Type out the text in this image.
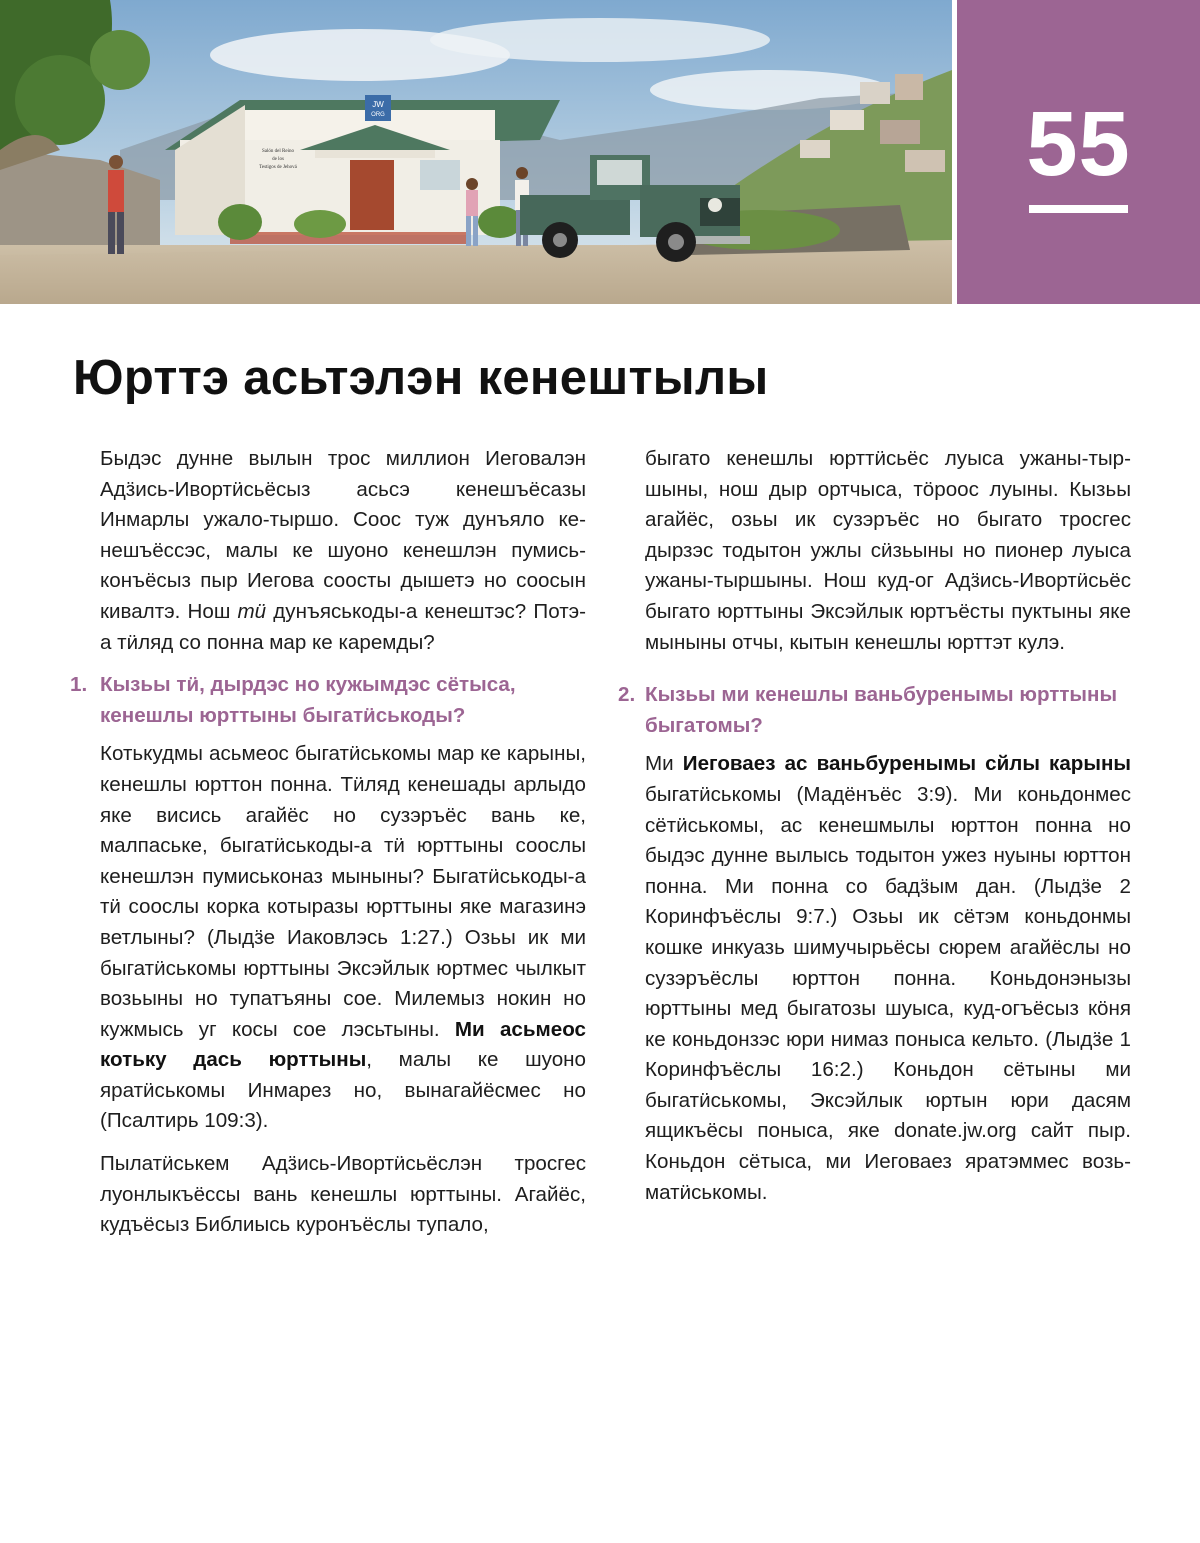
JW
ORG
Salón del Reino
de los
Testigos de Jehová	55
Юрттэ асьтэлэн кенештылы

Быдэс дунне вылын трос миллион Иеговалэн Адӟись-Ивортӥсьёсыз асьсэ кенешъёсазы Инмарлы ужало-тыршо. Соос туж дунъяло кенешъёссэс, малы ке шуоно кенешлэн пумиськонъёсыз пыр Иегова соосты дышетэ но соосын кивалтэ. Нош тӥ дунъяськоды-а кенештэс? Потэ-а тӥляд со понна мар ке каремды?

1. Кызьы тӥ, дырдэс но кужымдэс сётыса, кенешлы юрттыны быгатӥськоды?

Котькудмы асьмеос быгатӥськомы мар ке карыны, кенешлы юрттон понна. Тӥляд кенешады арлыдо яке висись агайёс но сузэръёс вань ке, малпаське, быгатӥськоды-а тӥ юрттыны соослы кенешлэн пумиськоназ мыныны? Быгатӥськоды-а тӥ соослы корка котыразы юрттыны яке магазинэ ветлыны? (Лыдӟе Иаковлэсь 1:27.) Озьы ик ми быгатӥськомы юрттыны Эксэйлык юртмес чылкыт возьыны но тупатъяны сое. Милемыз нокин но кужмысь уг косы сое лэсьтыны. Ми асьмеос котьку дась юрттыны, малы ке шуоно яратӥськомы Инмарез но, вынагайёсмес но (Псалтирь 109:3).

Пылатӥськем Адӟись-Ивортӥсьёслэн тросгес луонлыкъёссы вань кенешлы юрттыны. Агайёс, кудъёсыз Библиысь куронъёслы тупало,

быгато кенешлы юрттӥсьёс луыса ужаны-тыршыны, нош дыр ортчыса, тӧроос луыны. Кызьы агайёс, озьы ик сузэръёс но быгато тросгес дырзэс тодытон ужлы сӥзьыны но пионер луыса ужаны-тыршыны. Нош куд-ог Адӟись-Ивортӥсьёс быгато юрттыны Эксэйлык юртъёсты пуктыны яке мыныны отчы, кытын кенешлы юрттэт кулэ.

2. Кызьы ми кенешлы ваньбуренымы юрттыны быгатомы?

Ми Иеговаез ас ваньбуренымы сйлы карыны быгатӥськомы (Мадёнъёс 3:9). Ми коньдонмес сётӥськомы, ас кенешмылы юрттон понна но быдэс дунне вылысь тодытон ужез нуыны юрттон понна. Ми понна со бадӟым дан. (Лыдӟе 2 Коринфъёслы 9:7.) Озьы ик сётэм коньдонмы кошке инкуазь шимучырьёсы сюрем агайёслы но сузэръёслы юрттон понна. Коньдонэнызы юрттыны мед быгатозы шуыса, куд-огъёсыз кӧня ке коньдонзэс юри нимаз поныса кельто. (Лыдӟе 1 Коринфъёслы 16:2.) Коньдон сётыны ми быгатӥськомы, Эксэйлык юртын юри дасям ящикъёсы поныса, яке donate.jw.org сайт пыр. Коньдон сётыса, ми Иеговаез яратэммес возьматӥськомы.
